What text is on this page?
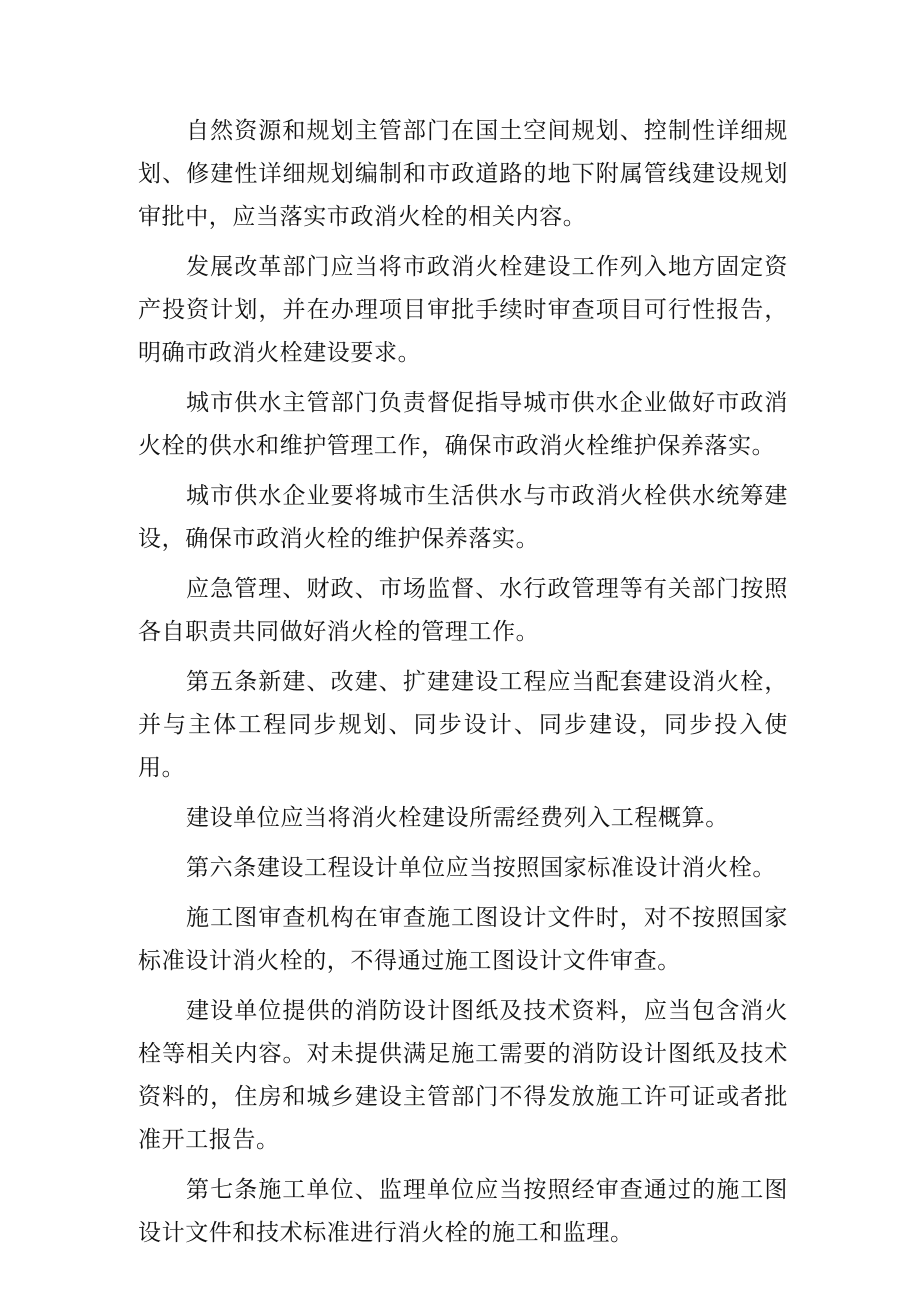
自然资源和规划主管部门在国土空间规划、控制性详细规划、修建性详细规划编制和市政道路的地下附属管线建设规划审批中，应当落实市政消火栓的相关内容。

发展改革部门应当将市政消火栓建设工作列入地方固定资产投资计划，并在办理项目审批手续时审查项目可行性报告，明确市政消火栓建设要求。

城市供水主管部门负责督促指导城市供水企业做好市政消火栓的供水和维护管理工作，确保市政消火栓维护保养落实。

城市供水企业要将城市生活供水与市政消火栓供水统筹建设，确保市政消火栓的维护保养落实。

应急管理、财政、市场监督、水行政管理等有关部门按照各自职责共同做好消火栓的管理工作。

第五条新建、改建、扩建建设工程应当配套建设消火栓，并与主体工程同步规划、同步设计、同步建设，同步投入使用。

建设单位应当将消火栓建设所需经费列入工程概算。

第六条建设工程设计单位应当按照国家标准设计消火栓。

施工图审查机构在审查施工图设计文件时，对不按照国家标准设计消火栓的，不得通过施工图设计文件审查。

建设单位提供的消防设计图纸及技术资料，应当包含消火栓等相关内容。对未提供满足施工需要的消防设计图纸及技术资料的，住房和城乡建设主管部门不得发放施工许可证或者批准开工报告。

第七条施工单位、监理单位应当按照经审查通过的施工图设计文件和技术标准进行消火栓的施工和监理。
